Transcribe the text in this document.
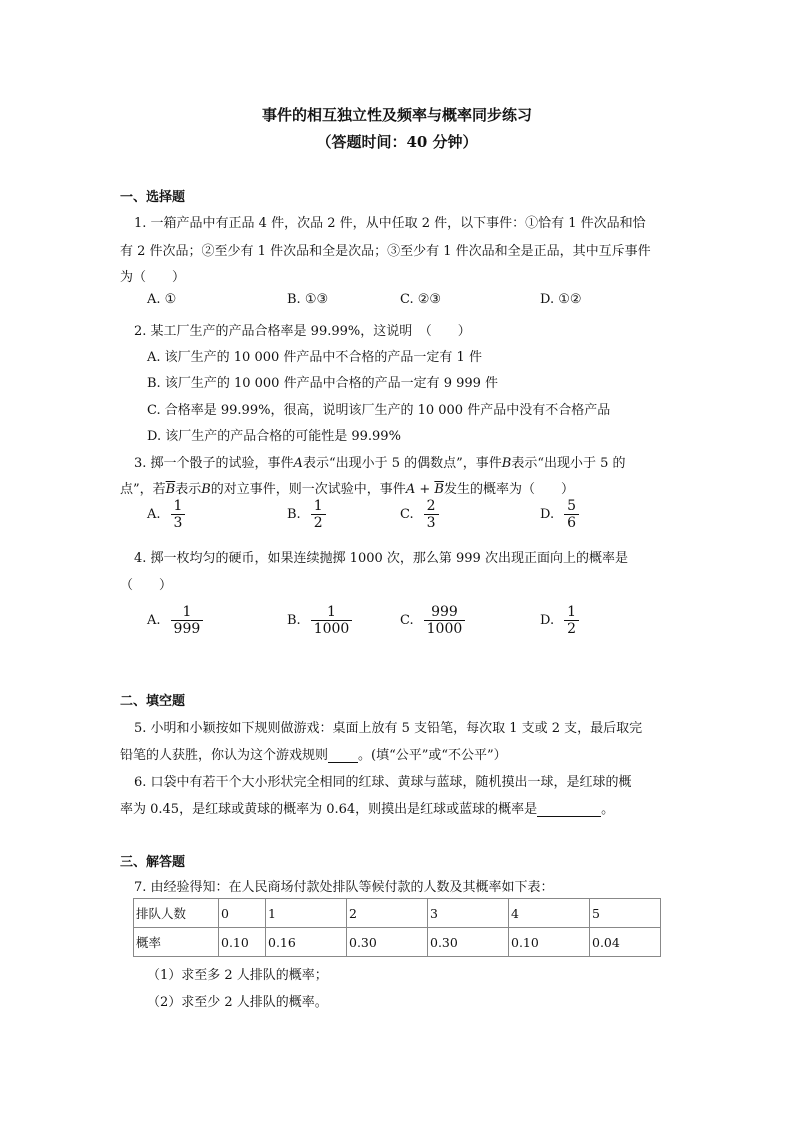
事件的相互独立性及频率与概率同步练习
（答题时间：40 分钟）
一、选择题
1. 一箱产品中有正品 4 件，次品 2 件，从中任取 2 件，以下事件：①恰有 1 件次品和恰
有 2 件次品；②至少有 1 件次品和全是次品；③至少有 1 件次品和全是正品，其中互斥事件
为（　　）
A. ①	B. ①③	C. ②③	D. ①②
2. 某工厂生产的产品合格率是 99.99%，这说明　（　　）
A. 该厂生产的 10 000 件产品中不合格的产品一定有 1 件
B. 该厂生产的 10 000 件产品中合格的产品一定有 9 999 件
C. 合格率是 99.99%，很高，说明该厂生产的 10 000 件产品中没有不合格产品
D. 该厂生产的产品合格的可能性是 99.99%
3. 掷一个骰子的试验，事件A表示“出现小于 5 的偶数点”，事件B表示“出现小于 5 的
点”，若$\overline{B}$表示B的对立事件，则一次试验中，事件$A + \overline{B}$发生的概率为（　　）
A. $\frac{1}{3}$	B. $\frac{1}{2}$	C. $\frac{2}{3}$	D. $\frac{5}{6}$
4. 掷一枚均匀的硬币，如果连续抛掷 1000 次，那么第 999 次出现正面向上的概率是
（　　）
A. $\frac{1}{999}$	B. $\frac{1}{1000}$	C. $\frac{999}{1000}$	D. $\frac{1}{2}$
二、填空题
5. 小明和小颖按如下规则做游戏：桌面上放有 5 支铅笔，每次取 1 支或 2 支，最后取完
铅笔的人获胜，你认为这个游戏规则 。(填“公平”或“不公平”）
6. 口袋中有若干个大小形状完全相同的红球、黄球与蓝球，随机摸出一球，是红球的概
率为 0.45，是红球或黄球的概率为 0.64，则摸出是红球或蓝球的概率是	。
三、解答题
7. 由经验得知：在人民商场付款处排队等候付款的人数及其概率如下表：
排队人数	0	1	2	3	4	5
概率	0.10	0.16	0.30	0.30	0.10	0.04
（1）求至多 2 人排队的概率；
（2）求至少 2 人排队的概率。
